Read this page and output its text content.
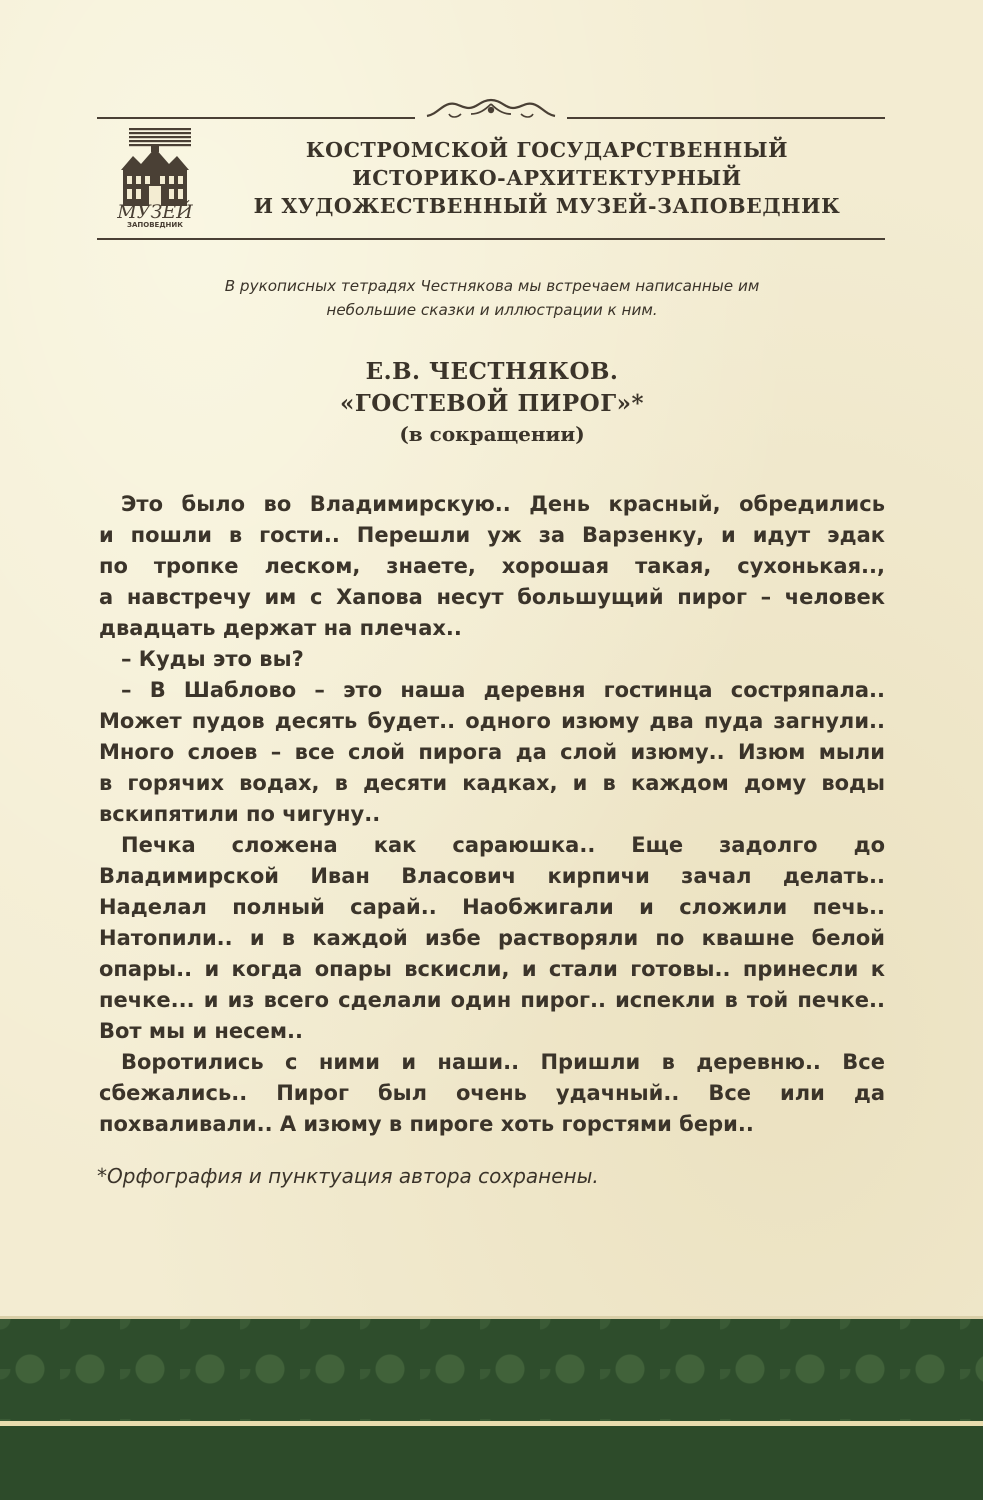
МУЗЕЙ
ЗАПОВЕДНИК
КОСТРОМСКОЙ ГОСУДАРСТВЕННЫЙ
ИСТОРИКО-АРХИТЕКТУРНЫЙ
И ХУДОЖЕСТВЕННЫЙ МУЗЕЙ-ЗАПОВЕДНИК
В рукописных тетрадях Честнякова мы встречаем написанные им
небольшие сказки и иллюстрации к ним.
Е.В. ЧЕСТНЯКОВ.
«ГОСТЕВОЙ ПИРОГ»*
(в сокращении)
Это было во Владимирскую.. День красный, обредились
и пошли в гости.. Перешли уж за Варзенку, и идут эдак
по тропке леском, знаете, хорошая такая, сухонькая..,
а навстречу им с Хапова несут большущий пирог – человек
двадцать держат на плечах..
– Куды это вы?
– В Шаблово – это наша деревня гостинца состряпала..
Может пудов десять будет.. одного изюму два пуда загнули..
Много слоев – все слой пирога да слой изюму.. Изюм мыли
в горячих водах, в десяти кадках, и в каждом дому воды
вскипятили по чигуну..
Печка сложена как сараюшка.. Еще задолго до
Владимирской Иван Власович кирпичи зачал делать..
Наделал полный сарай.. Наобжигали и сложили печь..
Натопили.. и в каждой избе растворяли по квашне белой
опары.. и когда опары вскисли, и стали готовы.. принесли к
печке... и из всего сделали один пирог.. испекли в той печке..
Вот мы и несем..
Воротились с ними и наши.. Пришли в деревню.. Все
сбежались.. Пирог был очень удачный.. Все или да
похваливали.. А изюму в пироге хоть горстями бери..
*Орфография и пунктуация автора сохранены.
